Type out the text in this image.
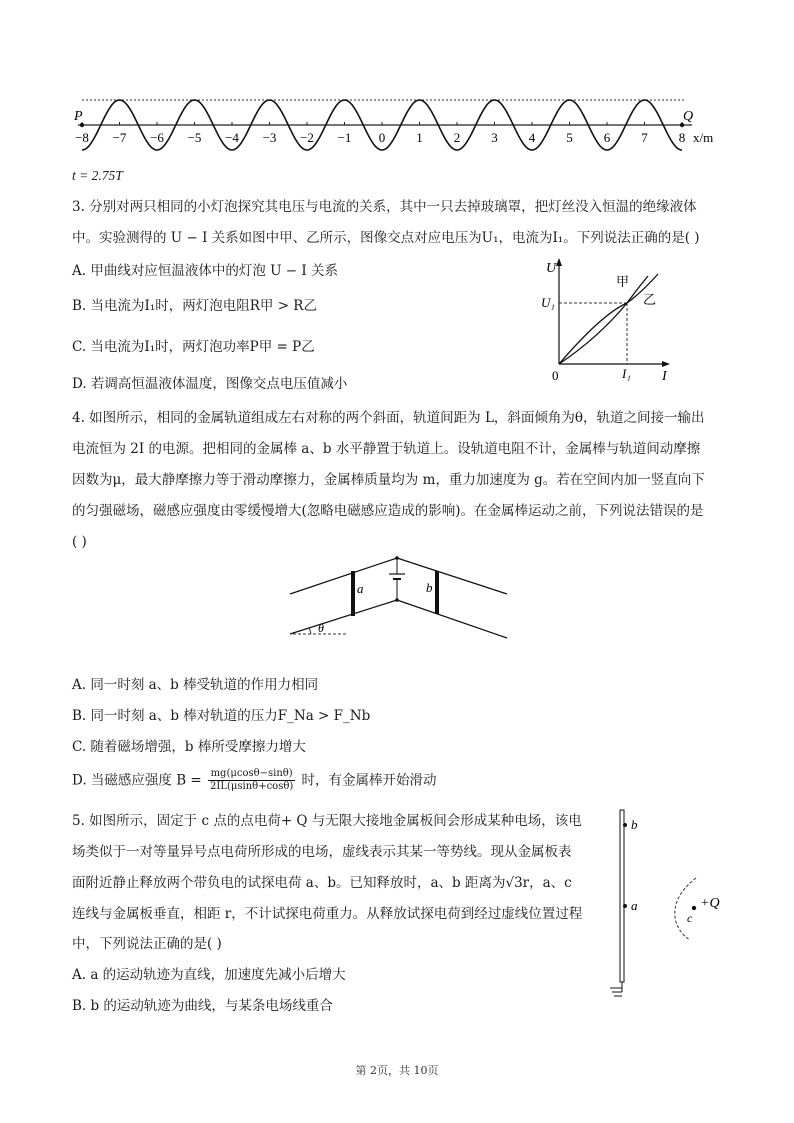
−8 −7 −6 −5 −4 −3 −2 −1 0 1 2 3 4 5 6 7 8
P	Q
x/m
t = 2.75T
3. 分别对两只相同的小灯泡探究其电压与电流的关系，其中一只去掉玻璃罩，把灯丝没入恒温的绝缘液体
中。实验测得的 U − I 关系如图中甲、乙所示，图像交点对应电压为U₁，电流为I₁。下列说法正确的是( )
A. 甲曲线对应恒温液体中的灯泡 U − I 关系
B. 当电流为I₁时，两灯泡电阻R甲 > R乙
C. 当电流为I₁时，两灯泡功率P甲 = P乙
D. 若调高恒温液体温度，图像交点电压值减小
U
I
0
U₁
I₁
甲
乙
4. 如图所示，相同的金属轨道组成左右对称的两个斜面，轨道间距为 L，斜面倾角为θ，轨道之间接一输出
电流恒为 2I 的电源。把相同的金属棒 a、b 水平静置于轨道上。设轨道电阻不计，金属棒与轨道间动摩擦
因数为μ，最大静摩擦力等于滑动摩擦力，金属棒质量均为 m，重力加速度为 g。若在空间内加一竖直向下
的匀强磁场，磁感应强度由零缓慢增大(忽略电磁感应造成的影响)。在金属棒运动之前，下列说法错误的是
( )
a	b
θ
A. 同一时刻 a、b 棒受轨道的作用力相同
B. 同一时刻 a、b 棒对轨道的压力F_Na > F_Nb
C. 随着磁场增强，b 棒所受摩擦力增大
D. 当磁感应强度 $B = \frac{mg(\mu\cos\theta-\sin\theta)}{2IL(\mu\sin\theta+\cos\theta)}$ 时，有金属棒开始滑动
5. 如图所示，固定于 c 点的点电荷+ Q 与无限大接地金属板间会形成某种电场，该电
场类似于一对等量异号点电荷所形成的电场，虚线表示其某一等势线。现从金属板表
面附近静止释放两个带负电的试探电荷 a、b。已知释放时，a、b 距离为√3r，a、c
连线与金属板垂直，相距 r，不计试探电荷重力。从释放试探电荷到经过虚线位置过程
中，下列说法正确的是( )
A. a 的运动轨迹为直线，加速度先减小后增大
B. b 的运动轨迹为曲线，与某条电场线重合
b
a	+Q
c
第 2页，共 10页
